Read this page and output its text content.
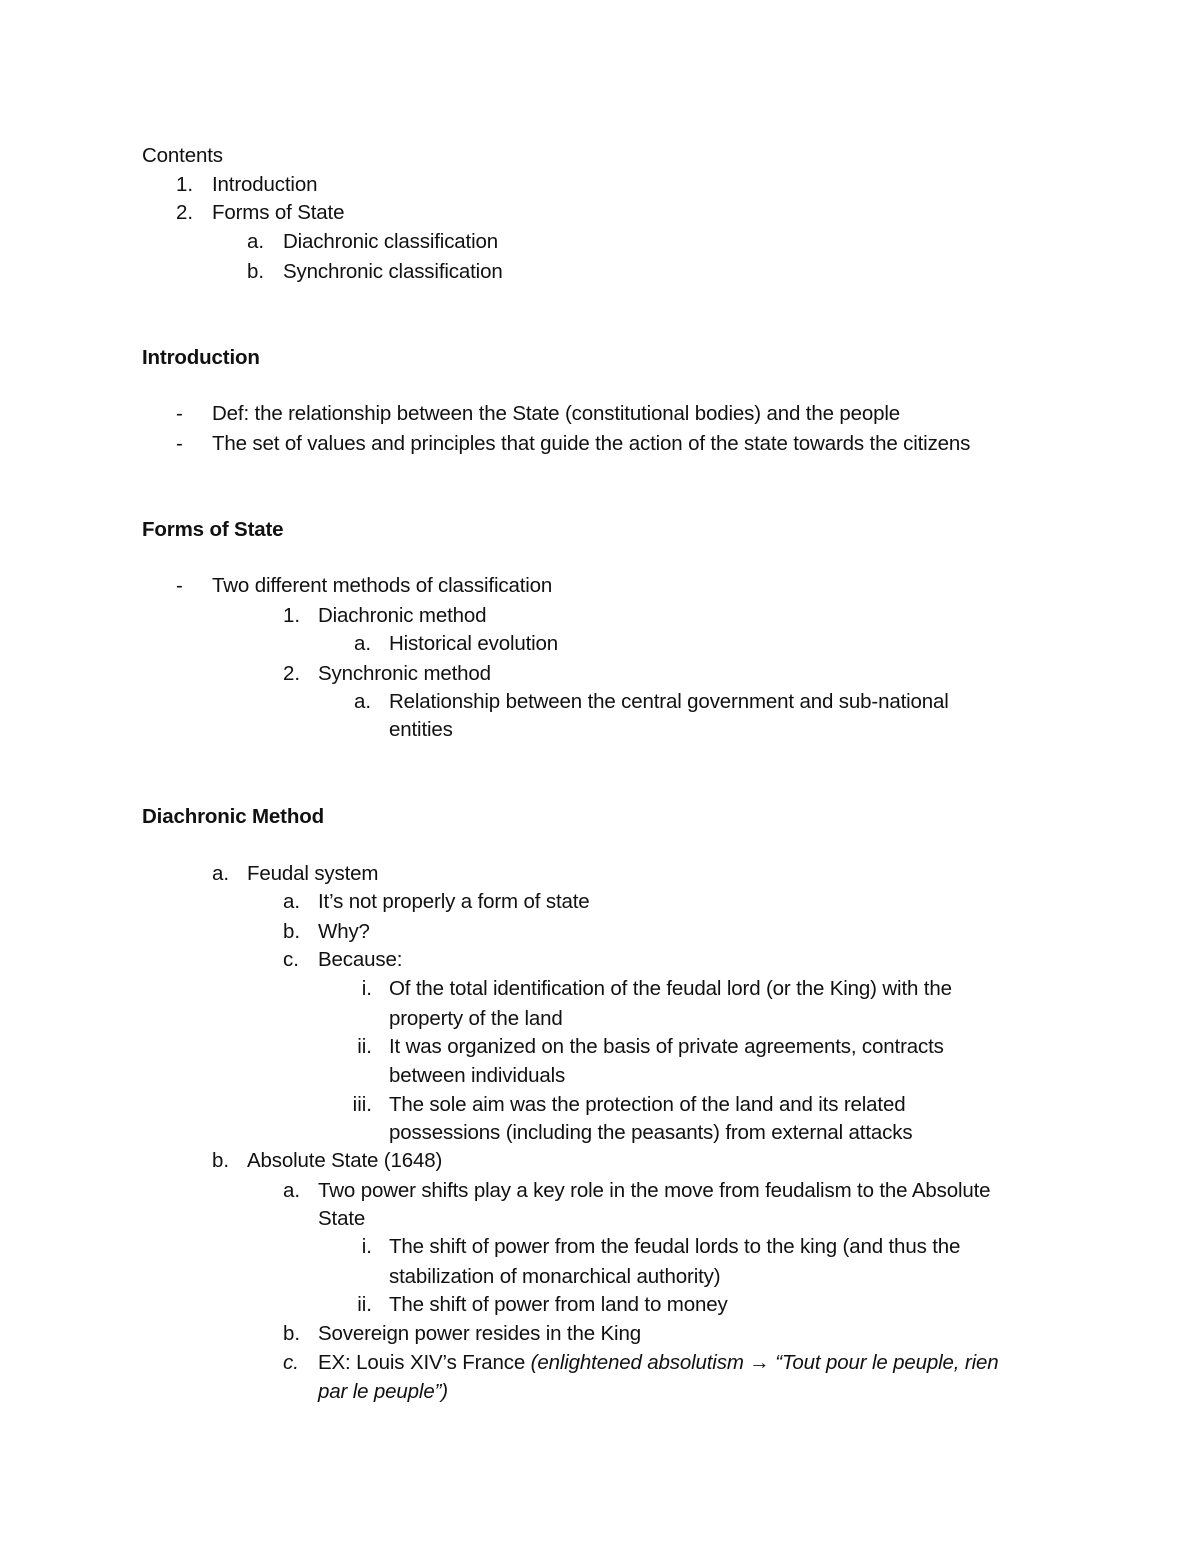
Contents
1. Introduction
2. Forms of State
a. Diachronic classification
b. Synchronic classification
Introduction
- Def: the relationship between the State (constitutional bodies) and the people
- The set of values and principles that guide the action of the state towards the citizens
Forms of State
- Two different methods of classification
1. Diachronic method
a. Historical evolution
2. Synchronic method
a. Relationship between the central government and sub-national
entities
Diachronic Method
a. Feudal system
a. It’s not properly a form of state
b. Why?
c. Because:
i. Of the total identification of the feudal lord (or the King) with the
property of the land
ii. It was organized on the basis of private agreements, contracts
between individuals
iii. The sole aim was the protection of the land and its related
possessions (including the peasants) from external attacks
b. Absolute State (1648)
a. Two power shifts play a key role in the move from feudalism to the Absolute
State
i. The shift of power from the feudal lords to the king (and thus the
stabilization of monarchical authority)
ii. The shift of power from land to money
b. Sovereign power resides in the King
c. EX: Louis XIV’s France (enlightened absolutism → “Tout pour le peuple, rien
par le peuple”)
